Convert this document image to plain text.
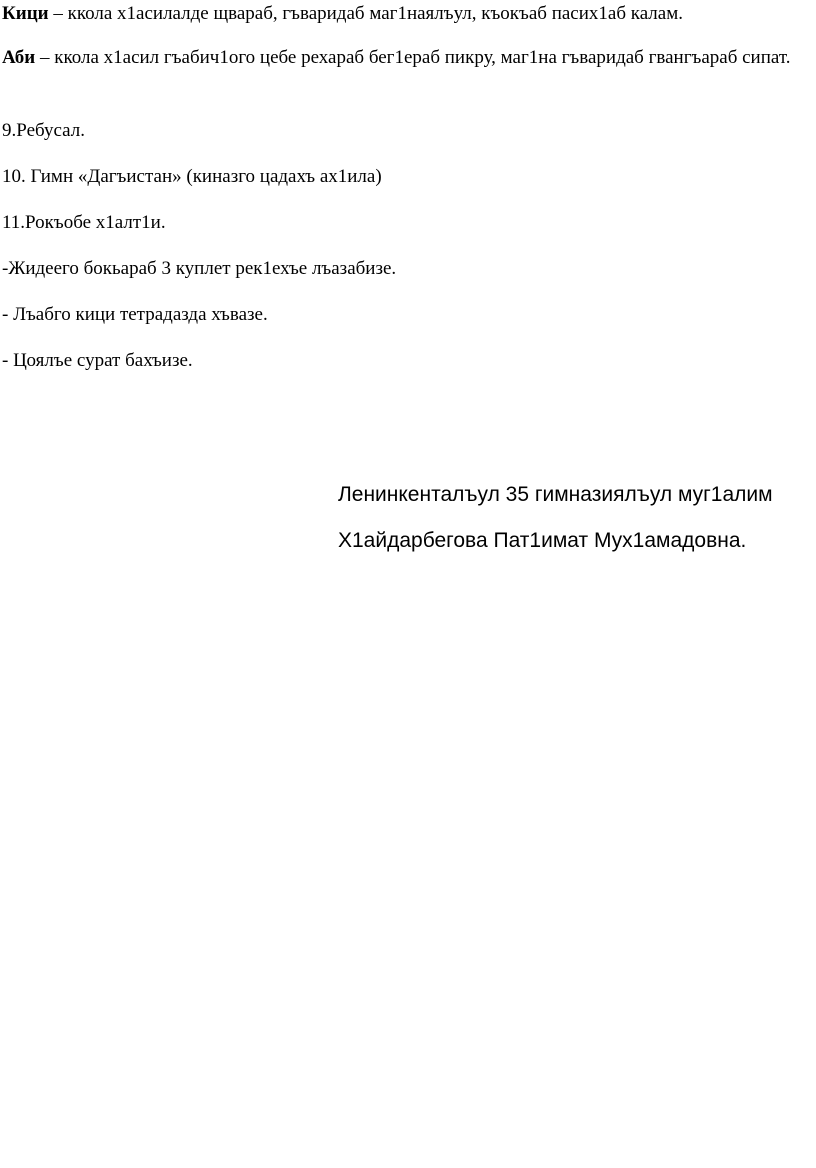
Кици – ккола х1асилалде щвараб, гъваридаб маг1наялъул, къокъаб пасих1аб калам.

Аби – ккола х1асил гъабич1ого цебе рехараб бег1ераб пикру, маг1на гъваридаб гвангъараб сипат.

9.Ребусал.

10. Гимн «Дагъистан» (киназго цадахъ ах1ила)

11.Рокъобе х1алт1и.

-Жидеего бокьараб 3 куплет рек1ехъе лъазабизе.

- Лъабго кици тетрадазда хъвазе.

- Цоялъе сурат бахъизе.

Ленинкенталъул 35 гимназиялъул муг1алим

Х1айдарбегова Пат1имат Мух1амадовна.
